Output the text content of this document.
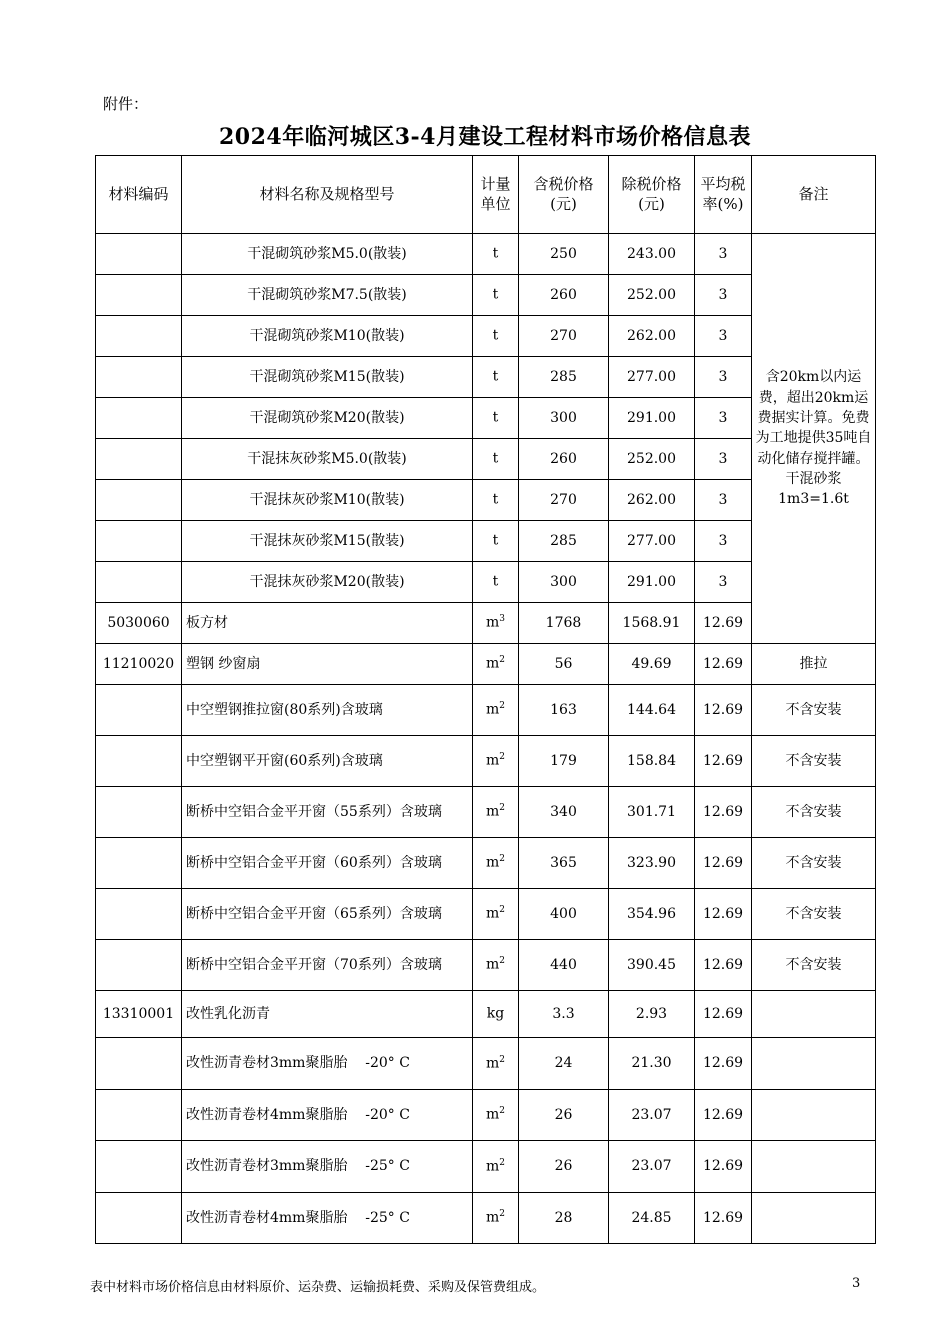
附件：
2024年临河城区3-4月建设工程材料市场价格信息表
材料编码	材料名称及规格型号	计量单位	含税价格(元)	除税价格(元)	平均税率(%)	备注
	干混砌筑砂浆M5.0(散装)	t	250	243.00	3	含20km以内运费，超出20km运费据实计算。免费为工地提供35吨自动化储存搅拌罐。干混砂浆1m3=1.6t
	干混砌筑砂浆M7.5(散装)	t	260	252.00	3	
	干混砌筑砂浆M10(散装)	t	270	262.00	3	
	干混砌筑砂浆M15(散装)	t	285	277.00	3	
	干混砌筑砂浆M20(散装)	t	300	291.00	3	
	干混抹灰砂浆M5.0(散装)	t	260	252.00	3	
	干混抹灰砂浆M10(散装)	t	270	262.00	3	
	干混抹灰砂浆M15(散装)	t	285	277.00	3	
	干混抹灰砂浆M20(散装)	t	300	291.00	3	
5030060	板方材	$m^3$	1768	1568.91	12.69	
11210020	塑钢 纱窗扇	$m^2$	56	49.69	12.69	推拉
	中空塑钢推拉窗(80系列)含玻璃	$m^2$	163	144.64	12.69	不含安装
	中空塑钢平开窗(60系列)含玻璃	$m^2$	179	158.84	12.69	不含安装
	断桥中空铝合金平开窗（55系列）含玻璃	$m^2$	340	301.71	12.69	不含安装
	断桥中空铝合金平开窗（60系列）含玻璃	$m^2$	365	323.90	12.69	不含安装
	断桥中空铝合金平开窗（65系列）含玻璃	$m^2$	400	354.96	12.69	不含安装
	断桥中空铝合金平开窗（70系列）含玻璃	$m^2$	440	390.45	12.69	不含安装
13310001	改性乳化沥青	kg	3.3	2.93	12.69	
	改性沥青卷材3mm聚脂胎    -20° C	$m^2$	24	21.30	12.69	
	改性沥青卷材4mm聚脂胎    -20° C	$m^2$	26	23.07	12.69	
	改性沥青卷材3mm聚脂胎    -25° C	$m^2$	26	23.07	12.69	
	改性沥青卷材4mm聚脂胎    -25° C	$m^2$	28	24.85	12.69	
表中材料市场价格信息由材料原价、运杂费、运输损耗费、采购及保管费组成。	3
